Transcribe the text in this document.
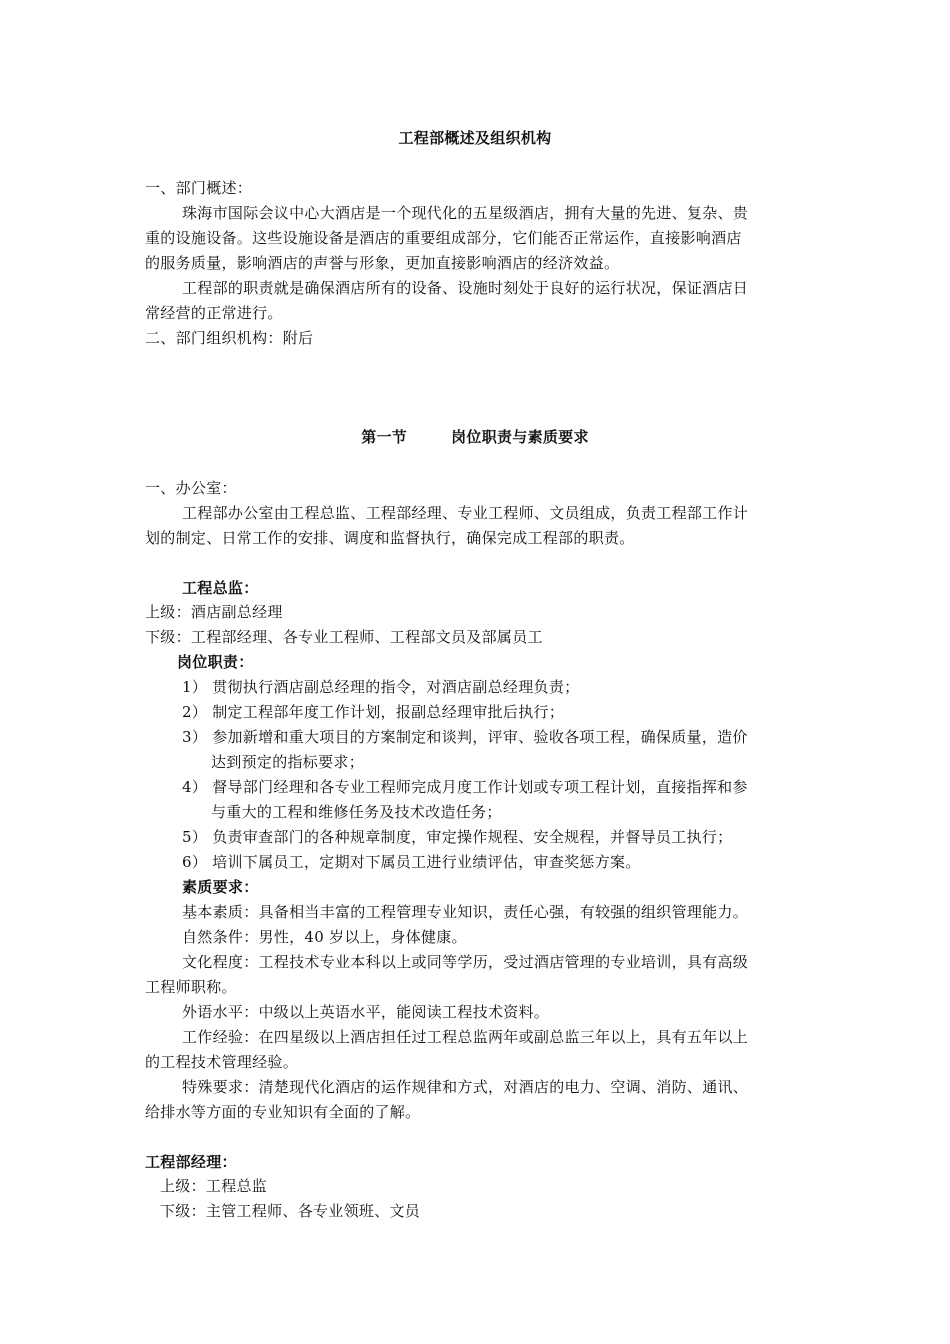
工程部概述及组织机构
一、部门概述：
珠海市国际会议中心大酒店是一个现代化的五星级酒店，拥有大量的先进、复杂、贵
重的设施设备。这些设施设备是酒店的重要组成部分，它们能否正常运作，直接影响酒店
的服务质量，影响酒店的声誉与形象，更加直接影响酒店的经济效益。
工程部的职责就是确保酒店所有的设备、设施时刻处于良好的运行状况，保证酒店日
常经营的正常进行。
二、部门组织机构：附后
第一节	岗位职责与素质要求
一、办公室：
工程部办公室由工程总监、工程部经理、专业工程师、文员组成，负责工程部工作计
划的制定、日常工作的安排、调度和监督执行，确保完成工程部的职责。
工程总监：
上级：酒店副总经理
下级：工程部经理、各专业工程师、工程部文员及部属员工
岗位职责：
1） 贯彻执行酒店副总经理的指令，对酒店副总经理负责；
2） 制定工程部年度工作计划，报副总经理审批后执行；
3） 参加新增和重大项目的方案制定和谈判，评审、验收各项工程，确保质量，造价
达到预定的指标要求；
4） 督导部门经理和各专业工程师完成月度工作计划或专项工程计划，直接指挥和参
与重大的工程和维修任务及技术改造任务；
5） 负责审查部门的各种规章制度，审定操作规程、安全规程，并督导员工执行；
6） 培训下属员工，定期对下属员工进行业绩评估，审查奖惩方案。
素质要求：
基本素质：具备相当丰富的工程管理专业知识，责任心强，有较强的组织管理能力。
自然条件：男性，40 岁以上，身体健康。
文化程度：工程技术专业本科以上或同等学历，受过酒店管理的专业培训，具有高级
工程师职称。
外语水平：中级以上英语水平，能阅读工程技术资料。
工作经验：在四星级以上酒店担任过工程总监两年或副总监三年以上，具有五年以上
的工程技术管理经验。
特殊要求：清楚现代化酒店的运作规律和方式，对酒店的电力、空调、消防、通讯、
给排水等方面的专业知识有全面的了解。
工程部经理：
上级：工程总监
下级：主管工程师、各专业领班、文员
